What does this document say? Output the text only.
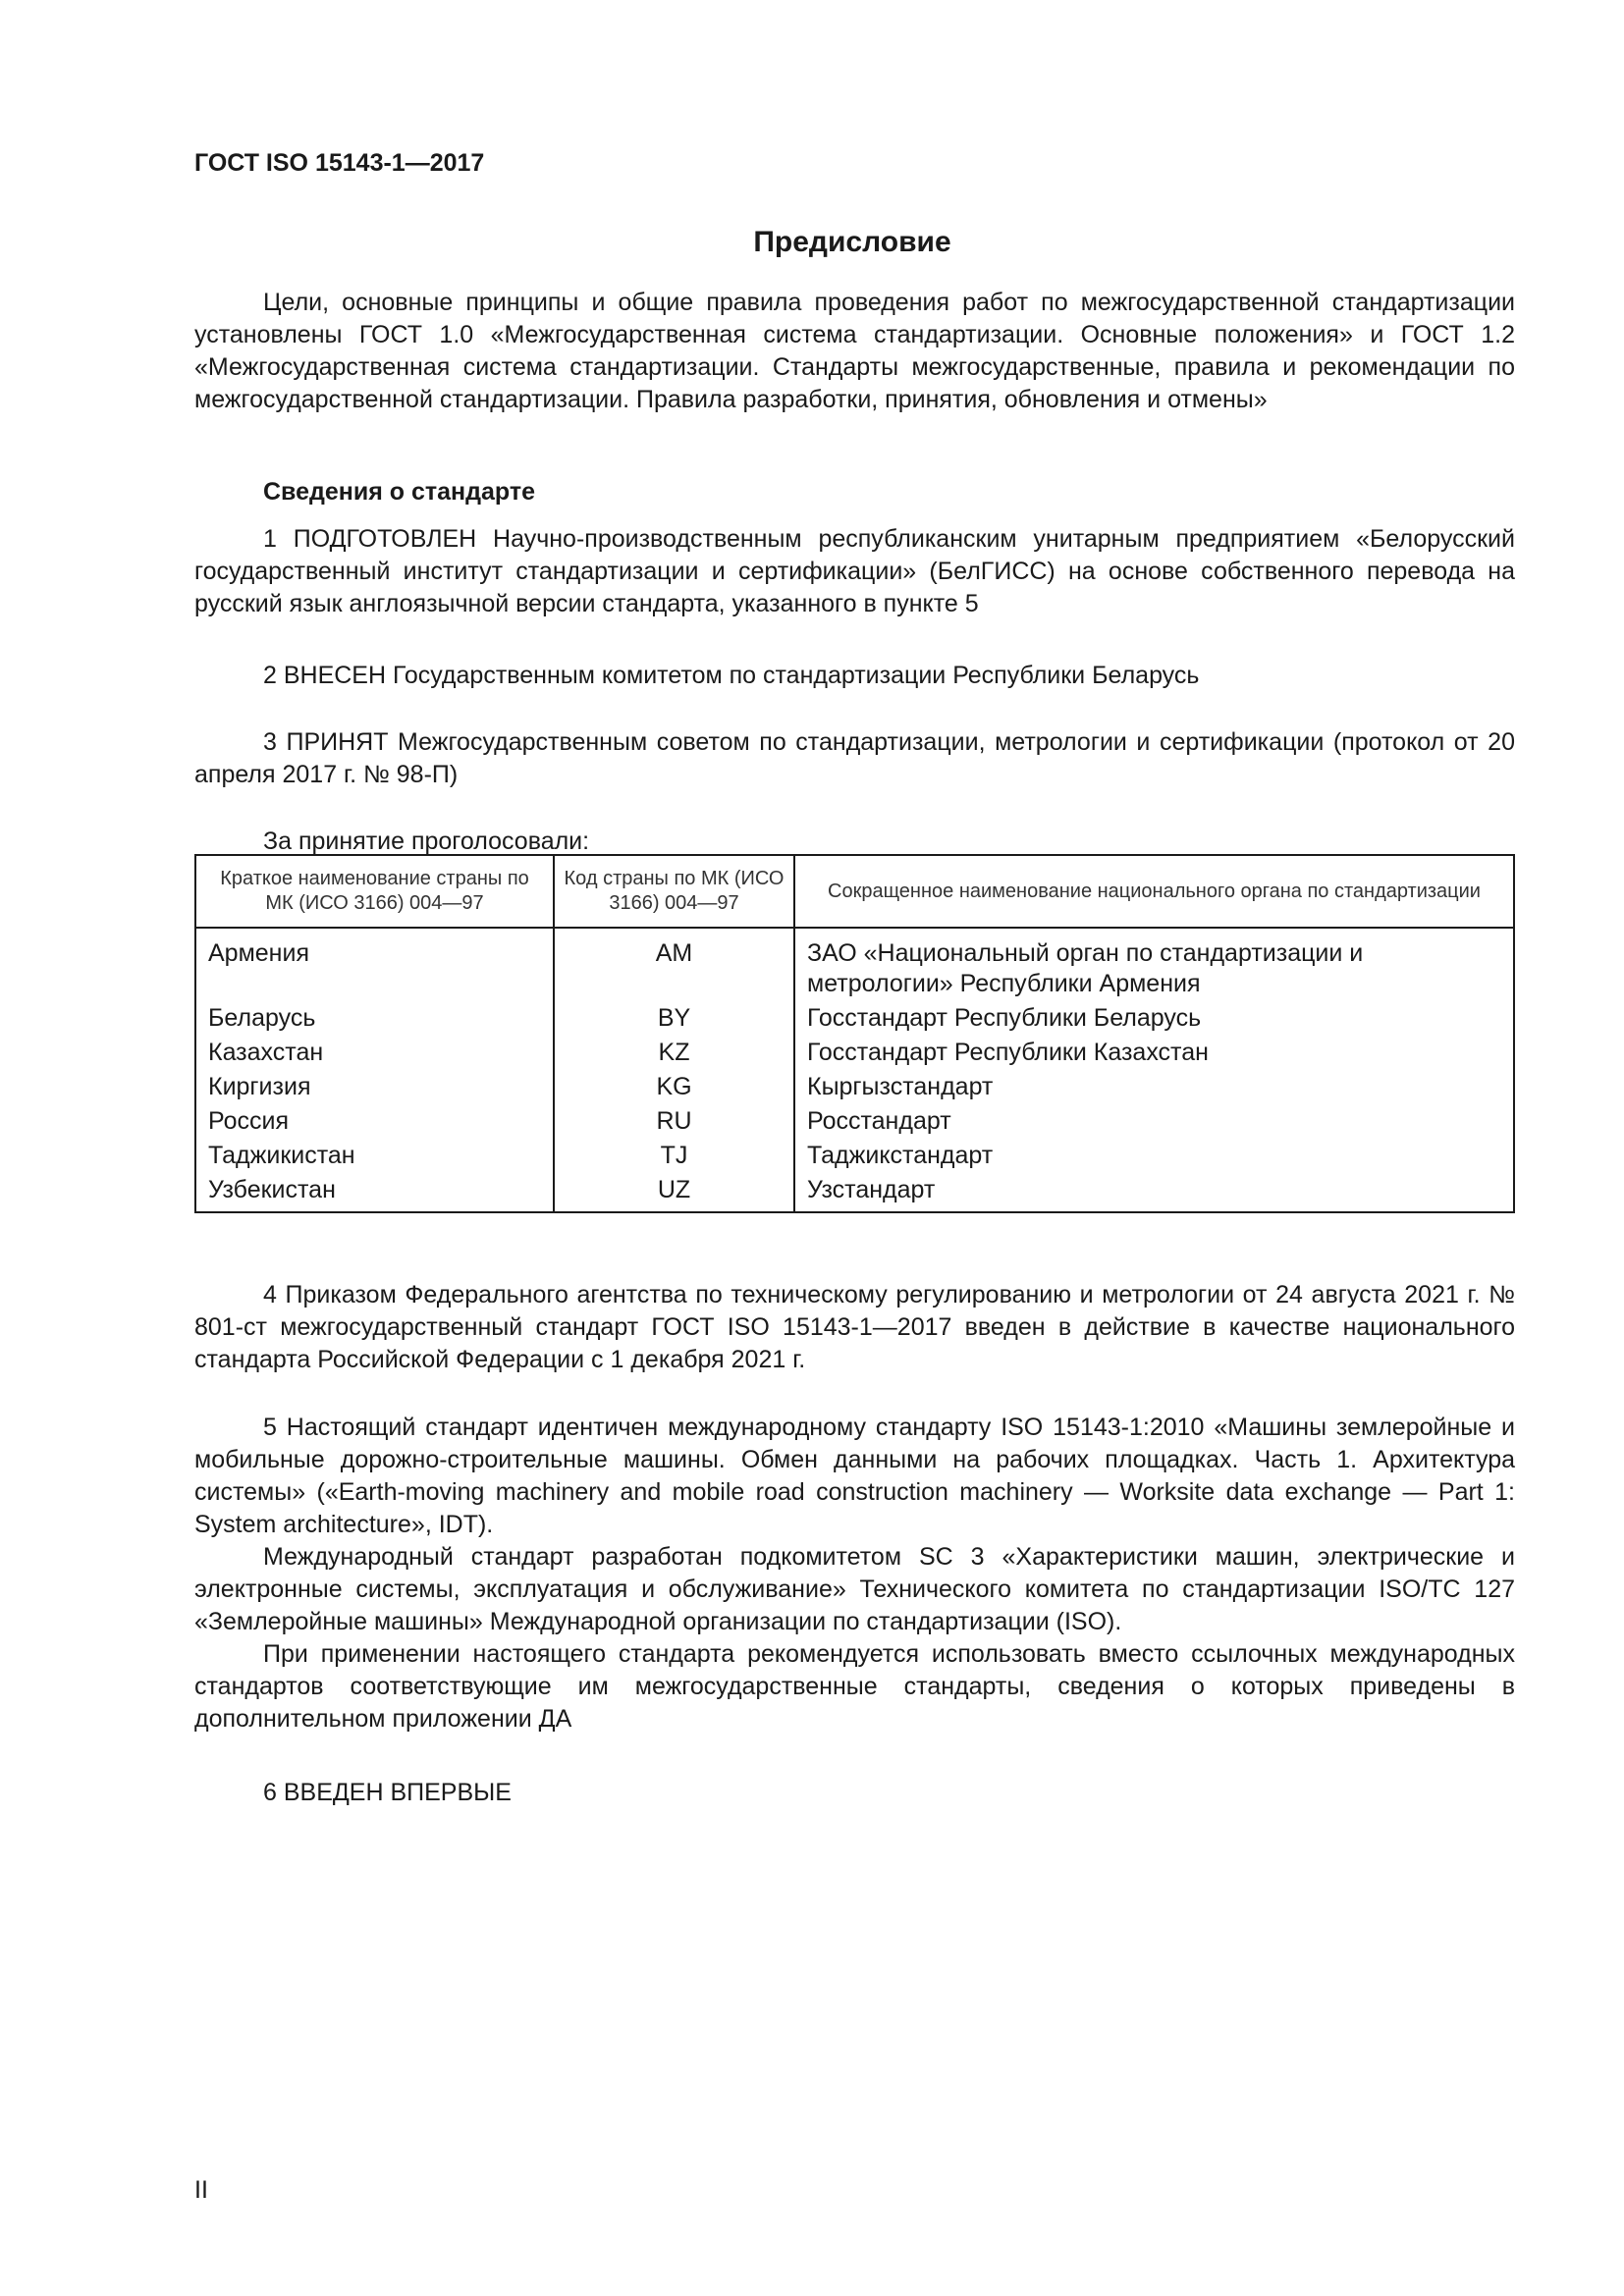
ГОСТ ISO 15143-1—2017
Предисловие

Цели, основные принципы и общие правила проведения работ по межгосударственной стандартизации установлены ГОСТ 1.0 «Межгосударственная система стандартизации. Основные положения» и ГОСТ 1.2 «Межгосударственная система стандартизации. Стандарты межгосударственные, правила и рекомендации по межгосударственной стандартизации. Правила разработки, принятия, обновления и отмены»

Сведения о стандарте

1 ПОДГОТОВЛЕН Научно-производственным республиканским унитарным предприятием «Белорусский государственный институт стандартизации и сертификации» (БелГИСС) на основе собственного перевода на русский язык англоязычной версии стандарта, указанного в пункте 5

2 ВНЕСЕН Государственным комитетом по стандартизации Республики Беларусь

3 ПРИНЯТ Межгосударственным советом по стандартизации, метрологии и сертификации (протокол от 20 апреля 2017 г. № 98-П)

За принятие проголосовали:
Краткое наименование страны по МК (ИСО 3166) 004—97	Код страны по МК (ИСО 3166) 004—97	Сокращенное наименование национального органа по стандартизации
Армения	AM	ЗАО «Национальный орган по стандартизации и метрологии» Республики Армения
Беларусь	BY	Госстандарт Республики Беларусь
Казахстан	KZ	Госстандарт Республики Казахстан
Киргизия	KG	Кыргызстандарт
Россия	RU	Росстандарт
Таджикистан	TJ	Таджикстандарт
Узбекистан	UZ	Узстандарт

4 Приказом Федерального агентства по техническому регулированию и метрологии от 24 августа 2021 г. № 801-ст межгосударственный стандарт ГОСТ ISO 15143-1—2017 введен в действие в качестве национального стандарта Российской Федерации с 1 декабря 2021 г.

5 Настоящий стандарт идентичен международному стандарту ISO 15143-1:2010 «Машины землеройные и мобильные дорожно-строительные машины. Обмен данными на рабочих площадках. Часть 1. Архитектура системы» («Earth-moving machinery and mobile road construction machinery — Worksite data exchange — Part 1: System architecture», IDT).

Международный стандарт разработан подкомитетом SC 3 «Характеристики машин, электрические и электронные системы, эксплуатация и обслуживание» Технического комитета по стандартизации ISO/TC 127 «Землеройные машины» Международной организации по стандартизации (ISO).

При применении настоящего стандарта рекомендуется использовать вместо ссылочных международных стандартов соответствующие им межгосударственные стандарты, сведения о которых приведены в дополнительном приложении ДА

6 ВВЕДЕН ВПЕРВЫЕ
II
